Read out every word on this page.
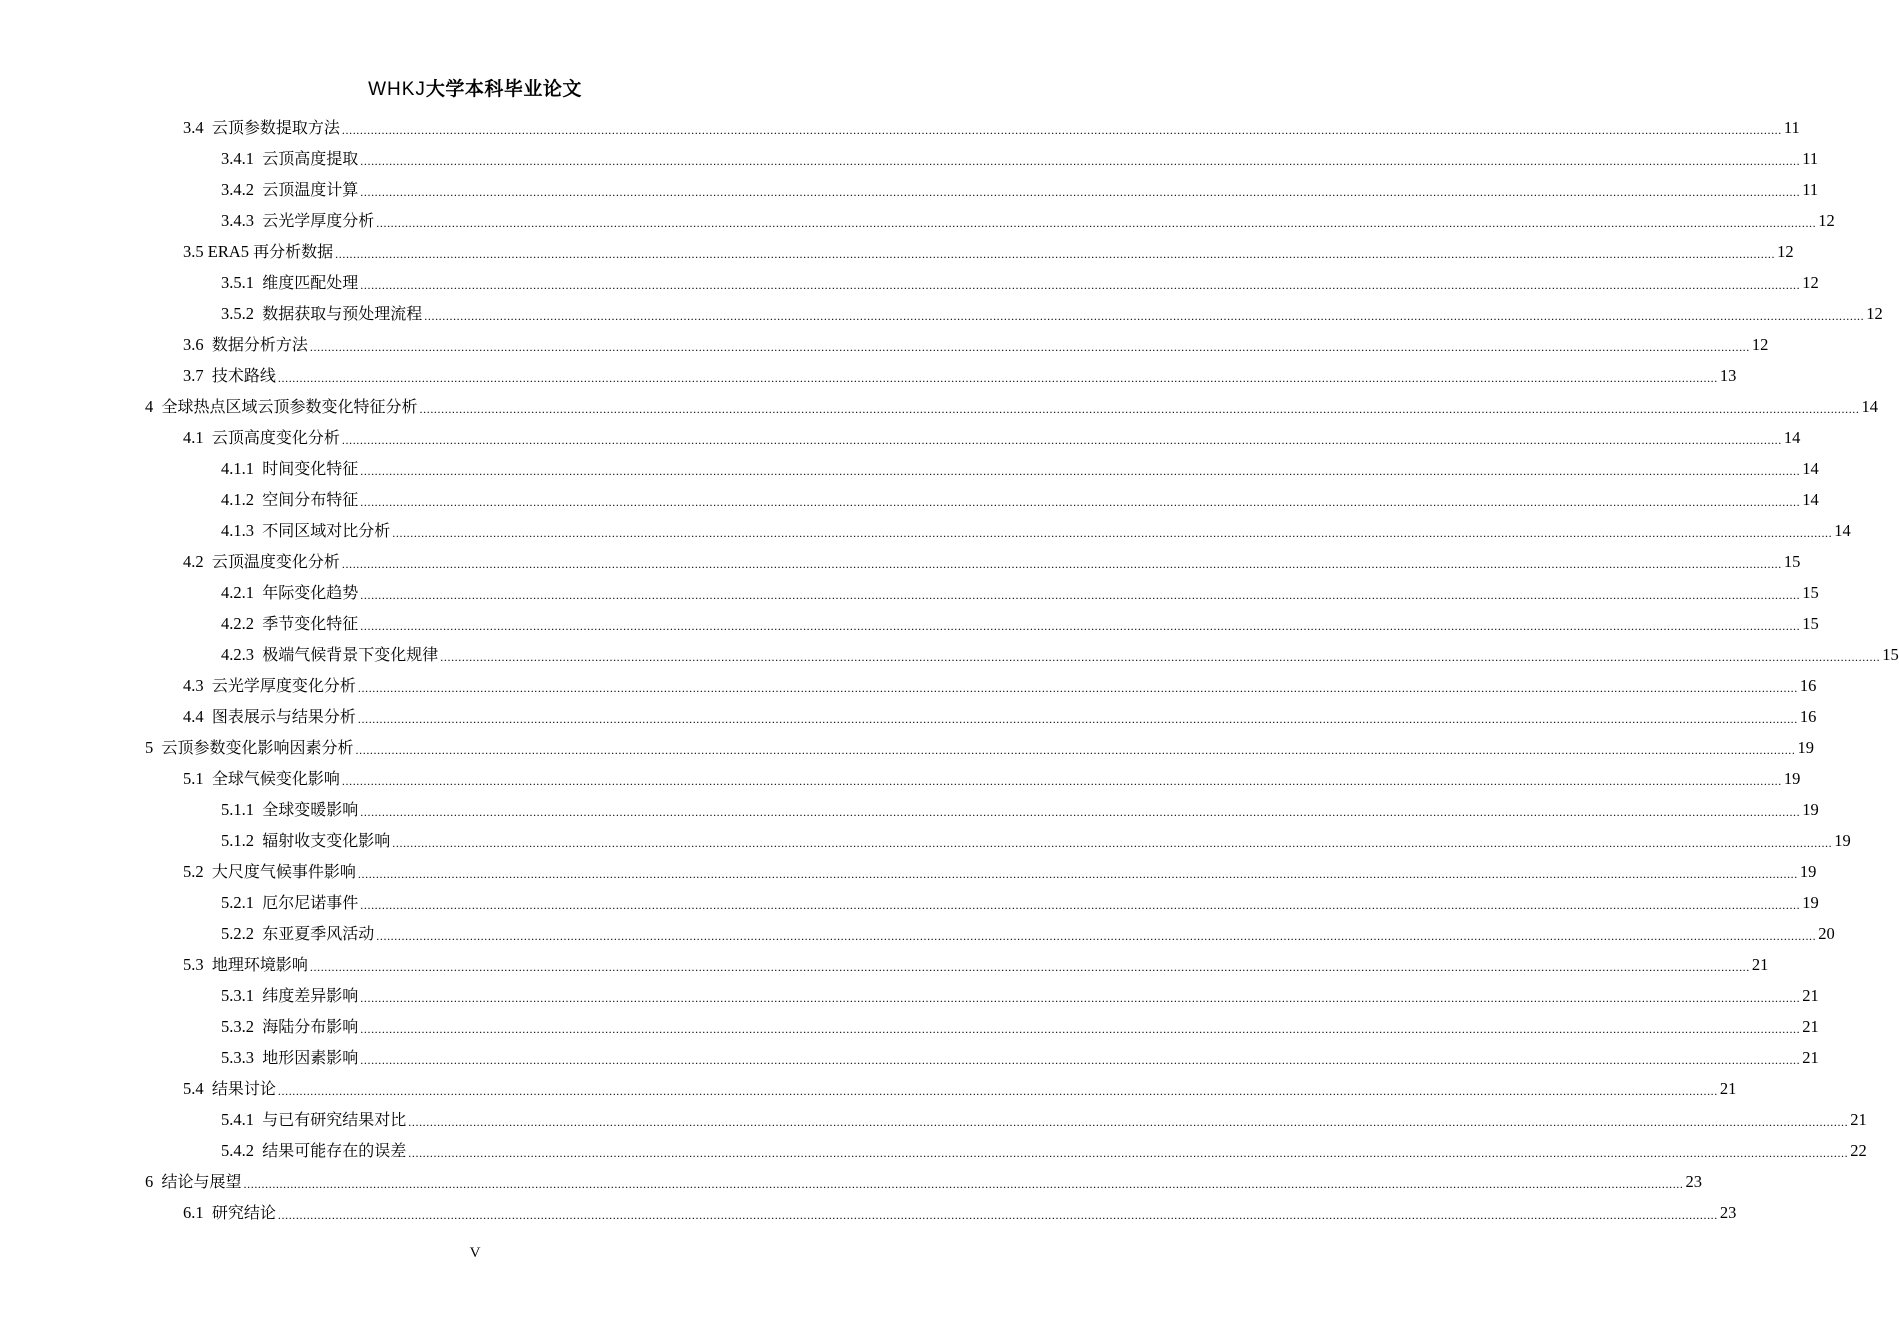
WHKJ大学本科毕业论文
3.4 云顶参数提取方法 ................................................................................................................................................................................................................................................................................................................................................................................................................ 11
3.4.1 云顶高度提取 ................................................................................................................................................................................................................................................................................................................................................................................................................ 11
3.4.2 云顶温度计算 ................................................................................................................................................................................................................................................................................................................................................................................................................ 11
3.4.3 云光学厚度分析 ................................................................................................................................................................................................................................................................................................................................................................................................................ 12
3.5 ERA5 再分析数据 ................................................................................................................................................................................................................................................................................................................................................................................................................ 12
3.5.1 维度匹配处理 ................................................................................................................................................................................................................................................................................................................................................................................................................ 12
3.5.2 数据获取与预处理流程 ................................................................................................................................................................................................................................................................................................................................................................................................................ 12
3.6 数据分析方法 ................................................................................................................................................................................................................................................................................................................................................................................................................ 12
3.7 技术路线 ................................................................................................................................................................................................................................................................................................................................................................................................................ 13
4 全球热点区域云顶参数变化特征分析 ................................................................................................................................................................................................................................................................................................................................................................................................................ 14
4.1 云顶高度变化分析 ................................................................................................................................................................................................................................................................................................................................................................................................................ 14
4.1.1 时间变化特征 ................................................................................................................................................................................................................................................................................................................................................................................................................ 14
4.1.2 空间分布特征 ................................................................................................................................................................................................................................................................................................................................................................................................................ 14
4.1.3 不同区域对比分析 ................................................................................................................................................................................................................................................................................................................................................................................................................ 14
4.2 云顶温度变化分析 ................................................................................................................................................................................................................................................................................................................................................................................................................ 15
4.2.1 年际变化趋势 ................................................................................................................................................................................................................................................................................................................................................................................................................ 15
4.2.2 季节变化特征 ................................................................................................................................................................................................................................................................................................................................................................................................................ 15
4.2.3 极端气候背景下变化规律 ................................................................................................................................................................................................................................................................................................................................................................................................................ 15
4.3 云光学厚度变化分析 ................................................................................................................................................................................................................................................................................................................................................................................................................ 16
4.4 图表展示与结果分析 ................................................................................................................................................................................................................................................................................................................................................................................................................ 16
5 云顶参数变化影响因素分析 ................................................................................................................................................................................................................................................................................................................................................................................................................ 19
5.1 全球气候变化影响 ................................................................................................................................................................................................................................................................................................................................................................................................................ 19
5.1.1 全球变暖影响 ................................................................................................................................................................................................................................................................................................................................................................................................................ 19
5.1.2 辐射收支变化影响 ................................................................................................................................................................................................................................................................................................................................................................................................................ 19
5.2 大尺度气候事件影响 ................................................................................................................................................................................................................................................................................................................................................................................................................ 19
5.2.1 厄尔尼诺事件 ................................................................................................................................................................................................................................................................................................................................................................................................................ 19
5.2.2 东亚夏季风活动 ................................................................................................................................................................................................................................................................................................................................................................................................................ 20
5.3 地理环境影响 ................................................................................................................................................................................................................................................................................................................................................................................................................ 21
5.3.1 纬度差异影响 ................................................................................................................................................................................................................................................................................................................................................................................................................ 21
5.3.2 海陆分布影响 ................................................................................................................................................................................................................................................................................................................................................................................................................ 21
5.3.3 地形因素影响 ................................................................................................................................................................................................................................................................................................................................................................................................................ 21
5.4 结果讨论 ................................................................................................................................................................................................................................................................................................................................................................................................................ 21
5.4.1 与已有研究结果对比 ................................................................................................................................................................................................................................................................................................................................................................................................................ 21
5.4.2 结果可能存在的误差 ................................................................................................................................................................................................................................................................................................................................................................................................................ 22
6 结论与展望 ................................................................................................................................................................................................................................................................................................................................................................................................................ 23
6.1 研究结论 ................................................................................................................................................................................................................................................................................................................................................................................................................ 23
V
